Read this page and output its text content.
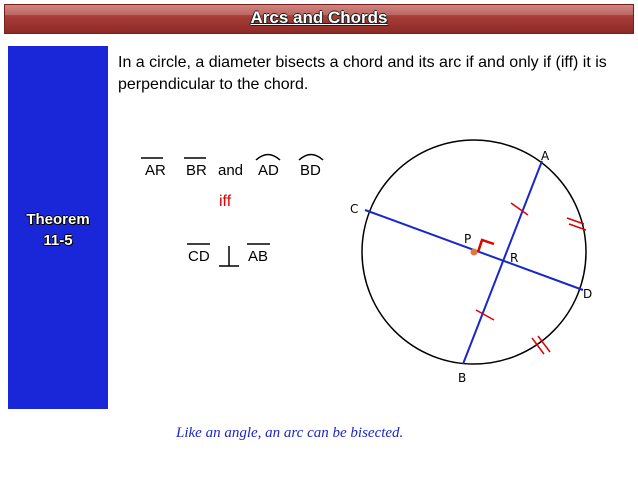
Arcs and Chords
Theorem
11-5
In a circle, a diameter bisects a chord and its arc if and only if (iff) it is perpendicular to the chord.
AR BR and AD BD
iff
CD	AB
Like an angle, an arc can be bisected.
A
B
C
D
P
R
